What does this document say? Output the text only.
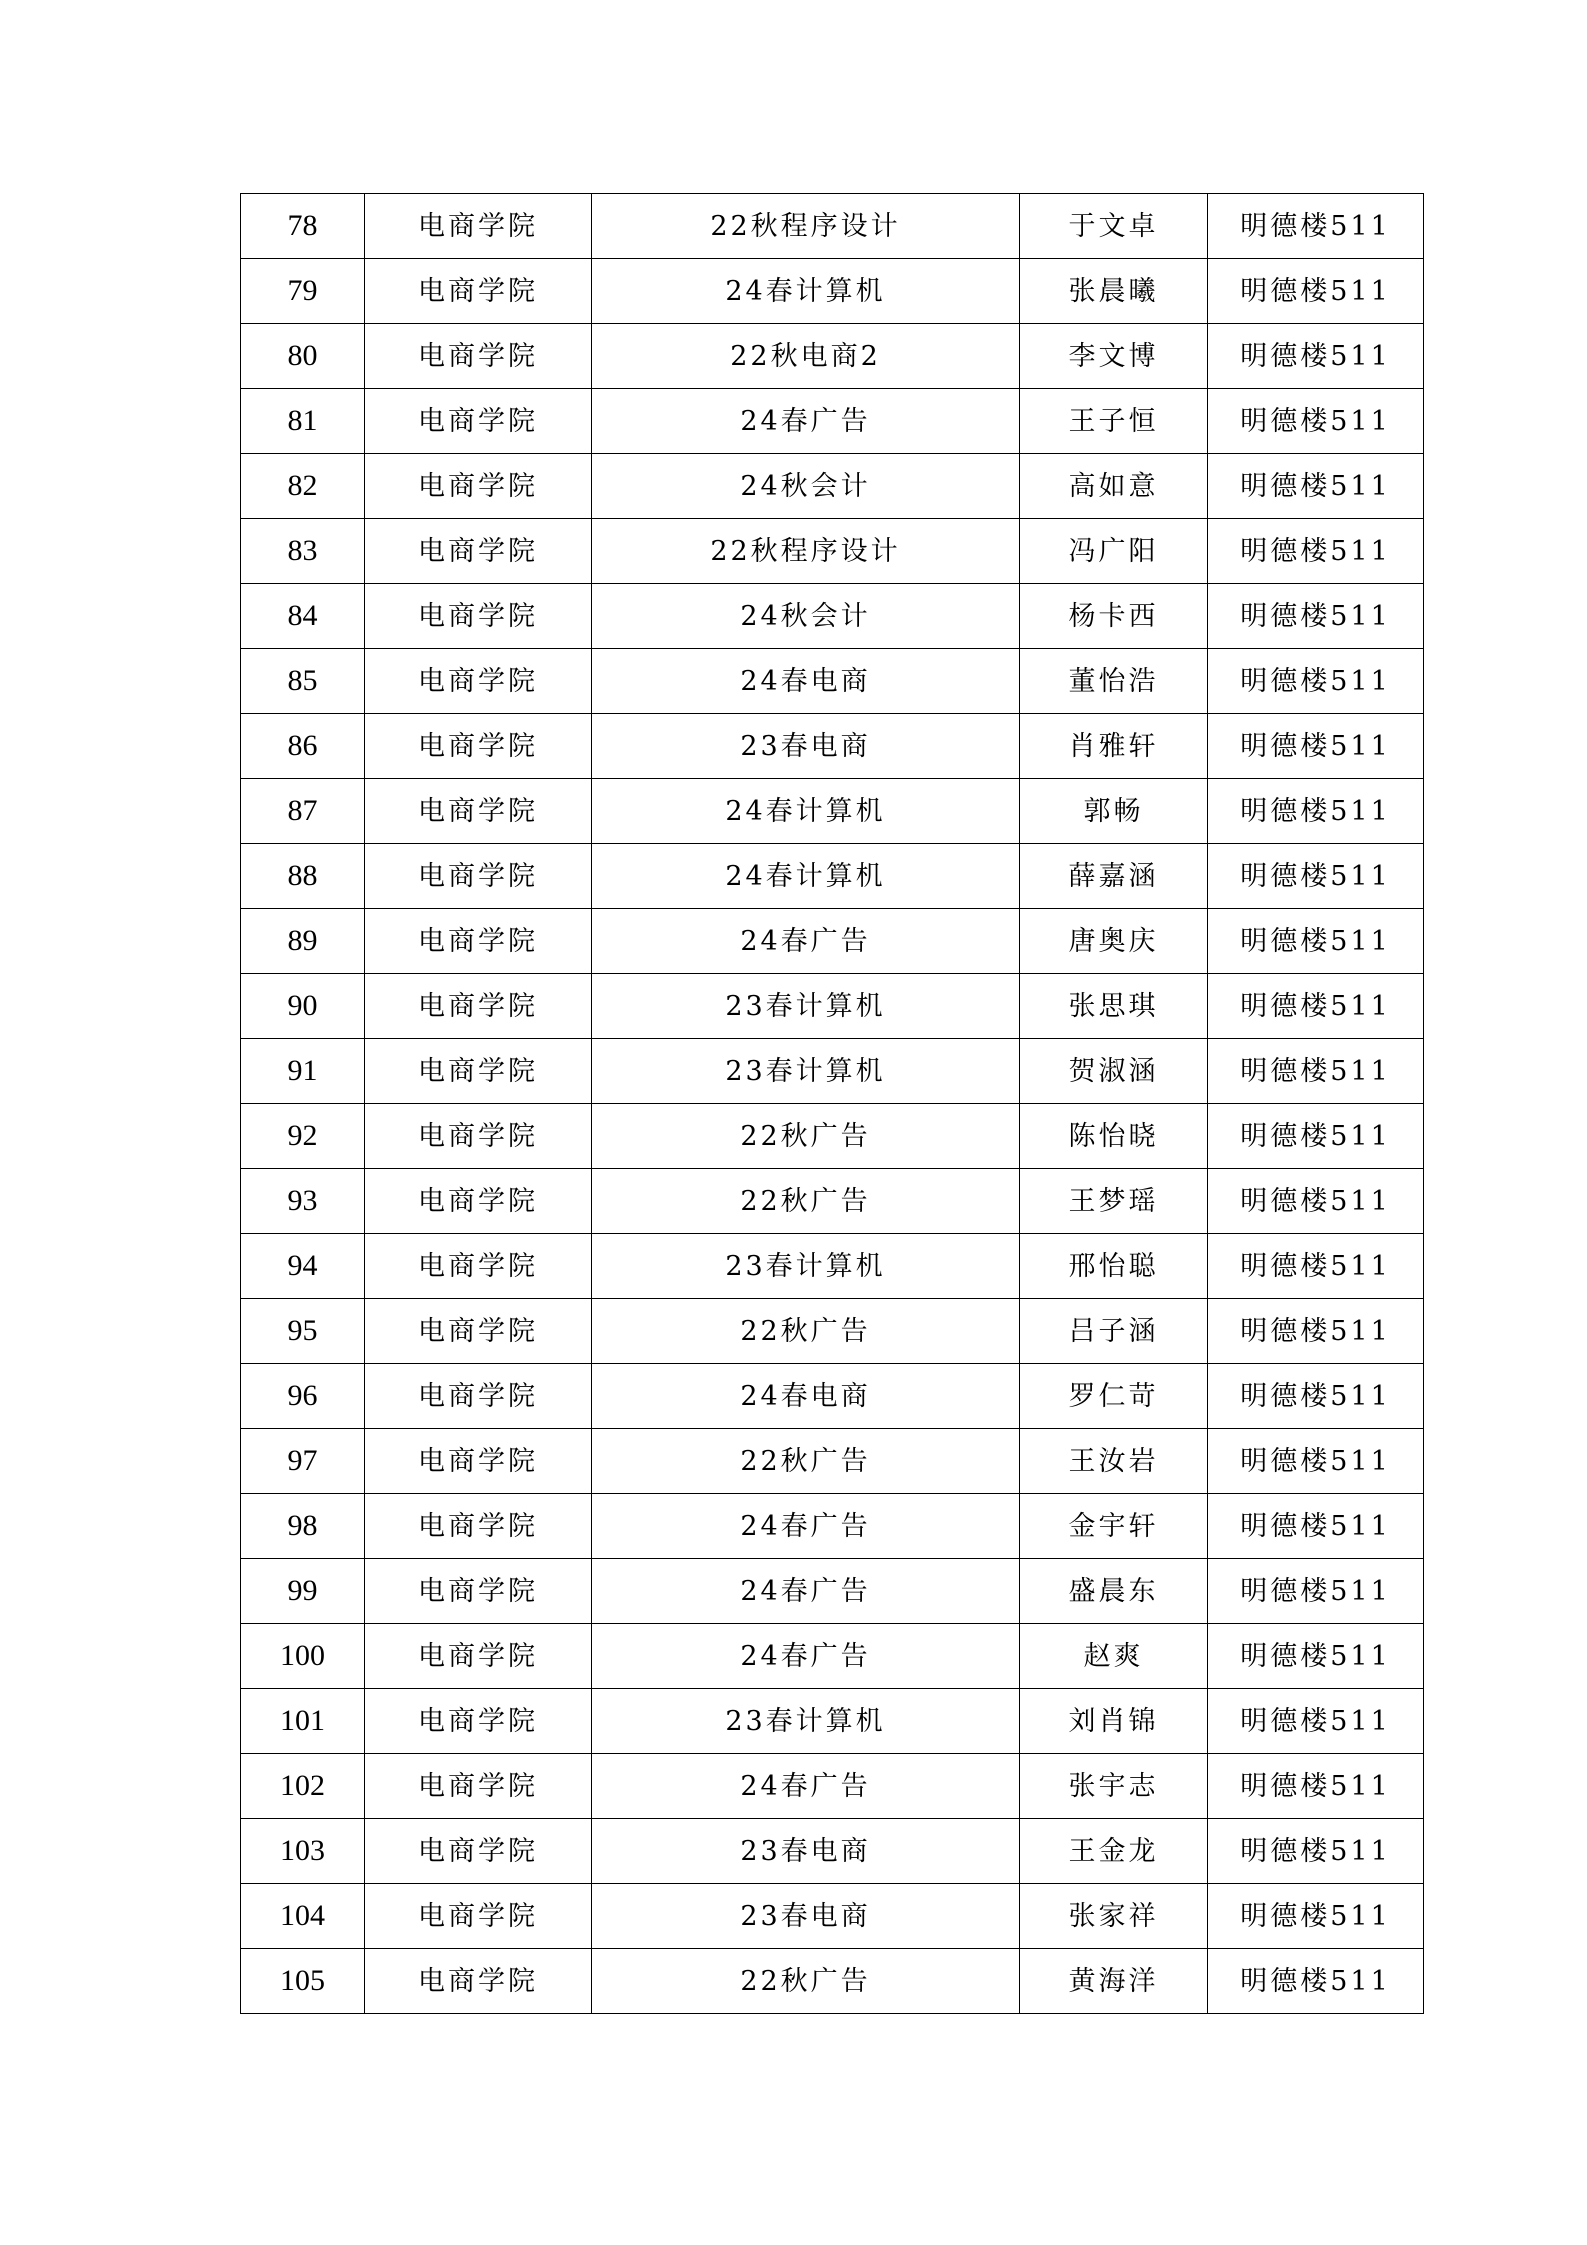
78	电商学院	22秋程序设计	于文卓	明德楼511
79	电商学院	24春计算机	张晨曦	明德楼511
80	电商学院	22秋电商2	李文博	明德楼511
81	电商学院	24春广告	王子恒	明德楼511
82	电商学院	24秋会计	高如意	明德楼511
83	电商学院	22秋程序设计	冯广阳	明德楼511
84	电商学院	24秋会计	杨卡西	明德楼511
85	电商学院	24春电商	董怡浩	明德楼511
86	电商学院	23春电商	肖雅轩	明德楼511
87	电商学院	24春计算机	郭畅	明德楼511
88	电商学院	24春计算机	薛嘉涵	明德楼511
89	电商学院	24春广告	唐奥庆	明德楼511
90	电商学院	23春计算机	张思琪	明德楼511
91	电商学院	23春计算机	贺淑涵	明德楼511
92	电商学院	22秋广告	陈怡晓	明德楼511
93	电商学院	22秋广告	王梦瑶	明德楼511
94	电商学院	23春计算机	邢怡聪	明德楼511
95	电商学院	22秋广告	吕子涵	明德楼511
96	电商学院	24春电商	罗仁苛	明德楼511
97	电商学院	22秋广告	王汝岩	明德楼511
98	电商学院	24春广告	金宇轩	明德楼511
99	电商学院	24春广告	盛晨东	明德楼511
100	电商学院	24春广告	赵爽	明德楼511
101	电商学院	23春计算机	刘肖锦	明德楼511
102	电商学院	24春广告	张宇志	明德楼511
103	电商学院	23春电商	王金龙	明德楼511
104	电商学院	23春电商	张家祥	明德楼511
105	电商学院	22秋广告	黄海洋	明德楼511
